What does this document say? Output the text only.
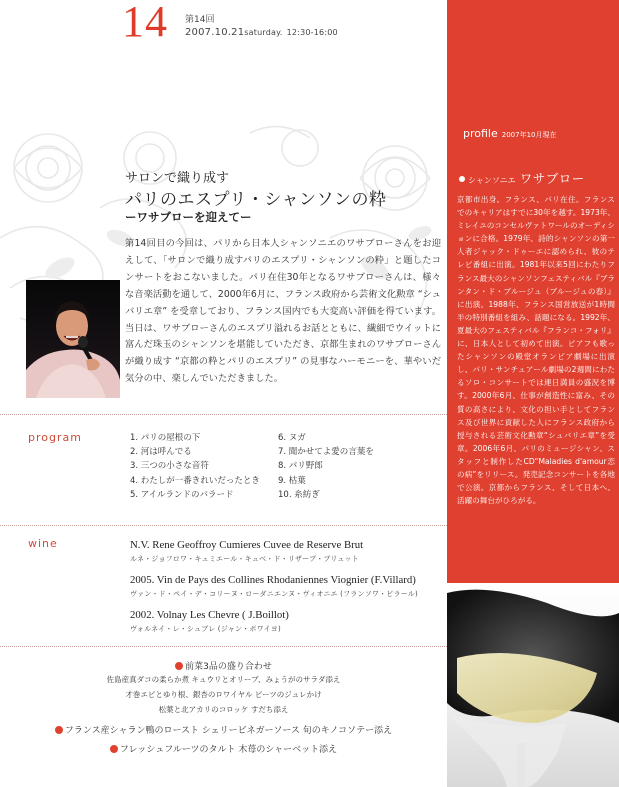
14 第14回
2007.10.21saturday. 12:30-16:00
サロンで織り成す
パリのエスプリ・シャンソンの粋
ーワサブローを迎えてー
第14回目の今回は、パリから日本人シャンソニエのワサブローさんをお迎えして、「サロンで織り成すパリのエスプリ・シャンソンの粋」と題したコンサートをおこないました。パリ在住30年となるワサブローさんは、様々な音楽活動を通して、2000年6月に、フランス政府から芸術文化勲章 “シュバリエ章” を受章しており、フランス国内でも大変高い評価を得ています。当日は、ワサブローさんのエスプリ溢れるお話とともに、繊細でウイットに富んだ珠玉のシャンソンを堪能していただき、京都生まれのワサブローさんが織り成す “京都の粋とパリのエスプリ” の見事なハーモニーを、華やいだ気分の中、楽しんでいただきました。
program	1. パリの屋根の下
2. 河は呼んでる
3. 三つの小さな音符
4. わたしが一番きれいだったとき
5. アイルランドのバラード
6. ヌガ
7. 聞かせてよ愛の言葉を
8. パリ野郎
9. 枯葉
10. 糸紡ぎ
wine	N.V. Rene Geoffroy Cumieres Cuvee de Reserve Brut
ルネ・ジョフロワ・キュミエール・キュベ・ド・リザーブ・ブリュット
2005. Vin de Pays des Collines Rhodaniennes Viognier (F.Villard)
ヴァン・ド・ペイ・デ・コリーヌ・ローダニエンヌ・ヴィオニエ (フランソワ・ビラール)
2002. Volnay Les Chevre ( J.Boillot)
ヴォルネイ・レ・シュブレ (ジャン・ボワイヨ)
前菜3品の盛り合わせ
佐島産真ダコの柔らか煮 キュウリとオリーブ、みょうがのサラダ添え
才巻エビとゆり根、銀杏のロワイヤル ビーツのジュレかけ
松葉と北アカリのコロッケ すだち添え
フランス産シャラン鴨のロースト シェリービネガーソース 旬のキノコソテー添え
フレッシュフルーツのタルト 木苺のシャーベット添え
profile 2007年10月現在
シャンソニエ ワサブロー
京都市出身。フランス、パリ在住。フランスでのキャリアはすでに30年を越す。1973年、ミレイユのコンセルヴァトワールのオーディションに合格。1979年、詩的シャンソンの第一人者ジャック・ドゥーエに認められ、彼のテレビ番組に出演。1981年以来5回にわたりフランス最大のシャンソンフェスティバル『ブランタン・ド・ブルージュ（ブルージュの春）』に出演。1988年、フランス国営放送が1時間半の特別番組を組み、話題になる。1992年、夏最大のフェスティバル『フランコ・フォリ』に、日本人として初めて出演。ピアフも歌ったシャンソンの殿堂オランピア劇場に出演し、パリ・サンチュアール劇場の2週間にわたるソロ・コンサートでは連日満員の盛況を博す。2000年6月、仕事が創造性に富み、その質の高さにより、文化の担い手としてフランス及び世界に貢献した人にフランス政府から授与される芸術文化勲章“シュバリエ章”を受章。2006年6月、パリのミュージシャン、スタッフと制作したCD“Maladies d'amour恋の病”をリリース。発売記念コンサートを各地で公演。京都からフランス、そして日本へ、活躍の舞台がひろがる。
